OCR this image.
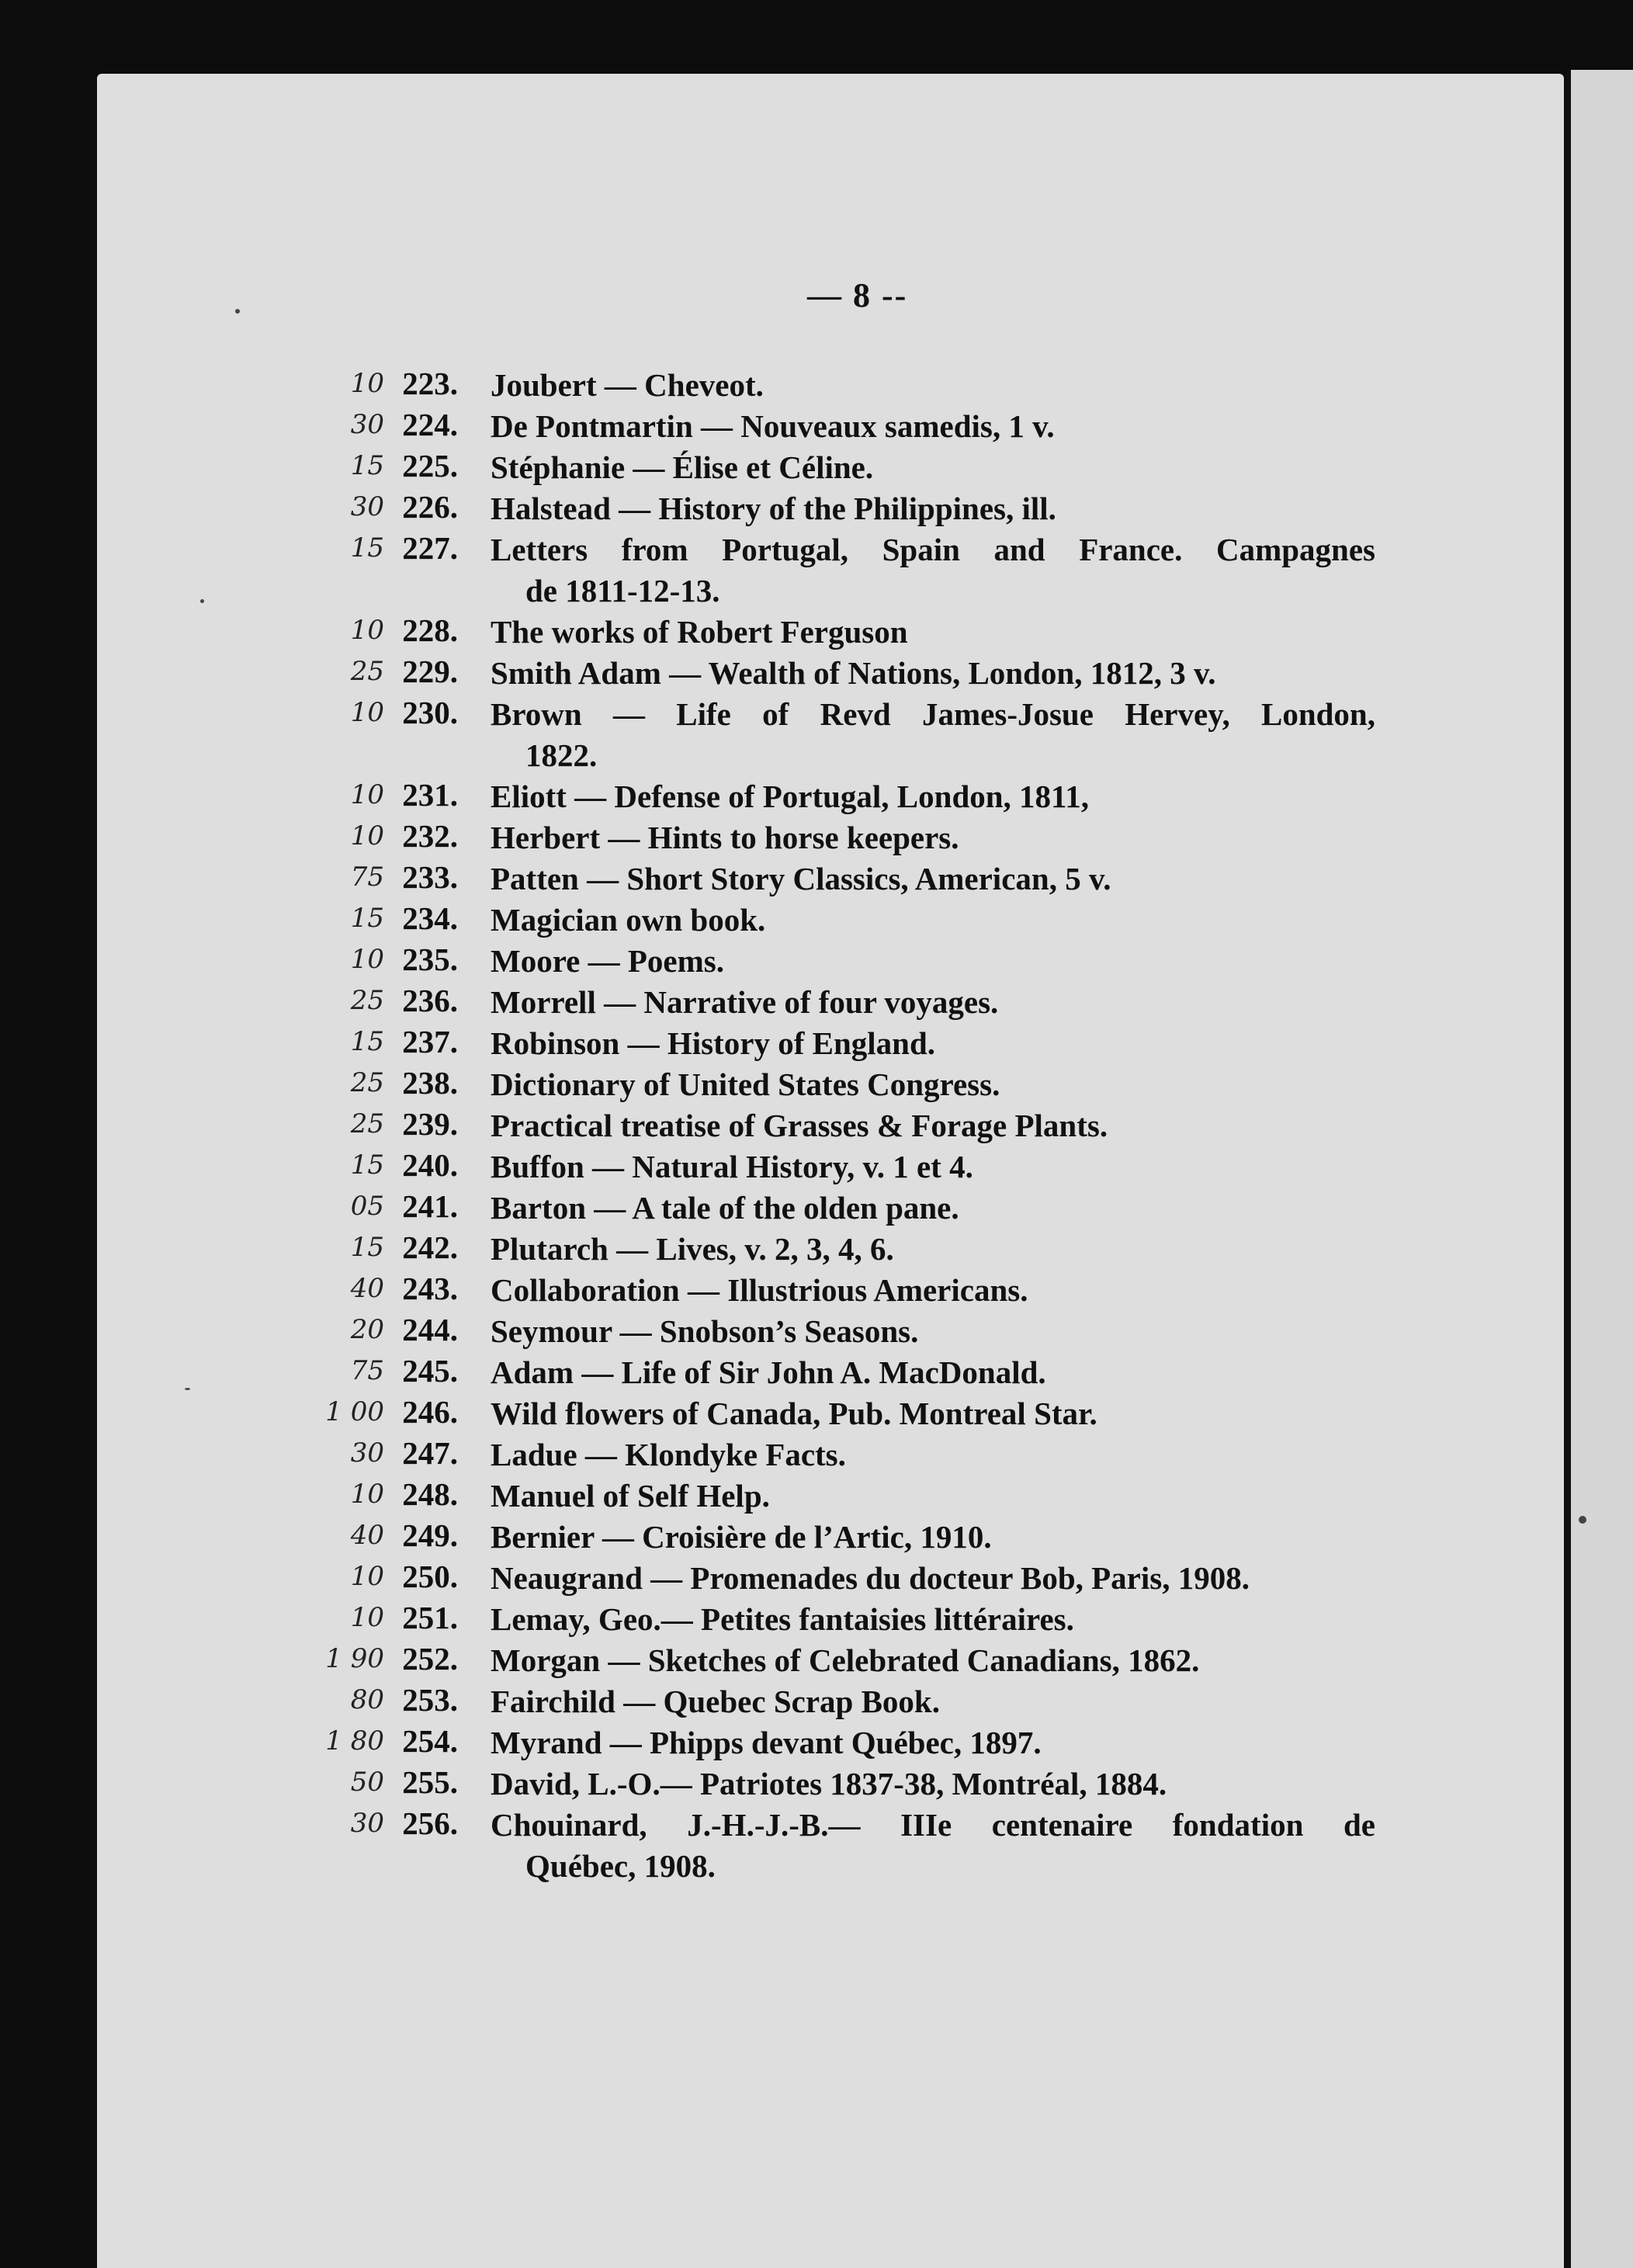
— 8 --
10 223. Joubert — Cheveot.
30 224. De Pontmartin — Nouveaux samedis, 1 v.
15 225. Stéphanie — Élise et Céline.
30 226. Halstead — History of the Philippines, ill.
15 227. Letters from Portugal, Spain and France. Campagnes
de 1811-12-13.
10 228. The works of Robert Ferguson
25 229. Smith Adam — Wealth of Nations, London, 1812, 3 v.
10 230. Brown — Life of Revd James-Josue Hervey, London,
1822.
10 231. Eliott — Defense of Portugal, London, 1811,
10 232. Herbert — Hints to horse keepers.
75 233. Patten — Short Story Classics, American, 5 v.
15 234. Magician own book.
10 235. Moore — Poems.
25 236. Morrell — Narrative of four voyages.
15 237. Robinson — History of England.
25 238. Dictionary of United States Congress.
25 239. Practical treatise of Grasses & Forage Plants.
15 240. Buffon — Natural History, v. 1 et 4.
05 241. Barton — A tale of the olden pane.
15 242. Plutarch — Lives, v. 2, 3, 4, 6.
40 243. Collaboration — Illustrious Americans.
20 244. Seymour — Snobson’s Seasons.
75 245. Adam — Life of Sir John A. MacDonald.
1 00 246. Wild flowers of Canada, Pub. Montreal Star.
30 247. Ladue — Klondyke Facts.
10 248. Manuel of Self Help.
40 249. Bernier — Croisière de l’Artic, 1910.
10 250. Neaugrand — Promenades du docteur Bob, Paris, 1908.
10 251. Lemay, Geo.— Petites fantaisies littéraires.
1 90 252. Morgan — Sketches of Celebrated Canadians, 1862.
80 253. Fairchild — Quebec Scrap Book.
1 80 254. Myrand — Phipps devant Québec, 1897.
50 255. David, L.-O.— Patriotes 1837-38, Montréal, 1884.
30 256. Chouinard, J.-H.-J.-B.— IIIe centenaire fondation de
Québec, 1908.
